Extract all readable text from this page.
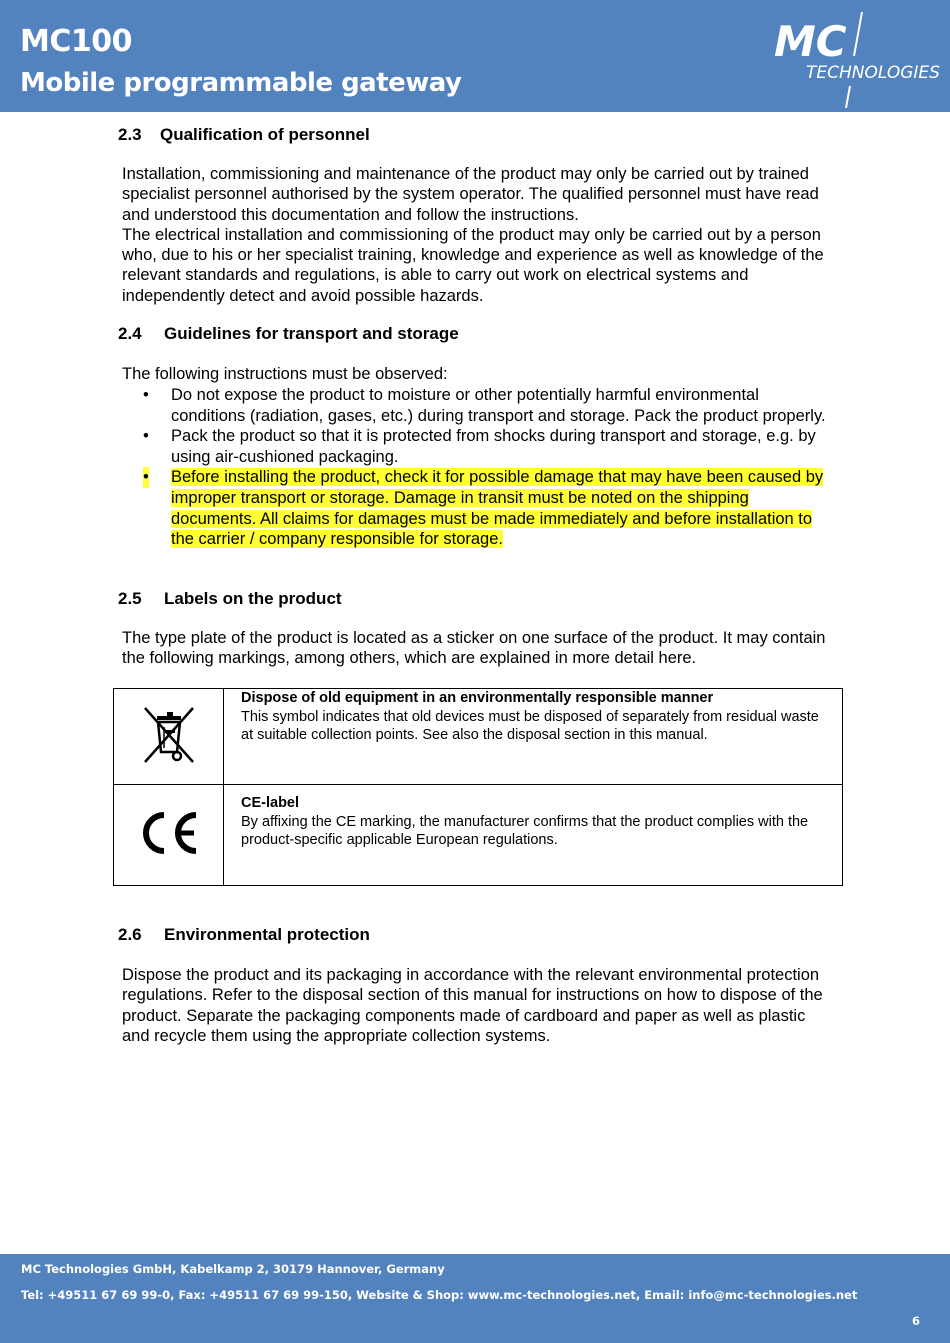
MC100
Mobile programmable gateway
MC
TECHNOLOGIES
2.3 Qualification of personnel
Installation, commissioning and maintenance of the product may only be carried out by trained specialist personnel authorised by the system operator. The qualified personnel must have read and understood this documentation and follow the instructions.
The electrical installation and commissioning of the product may only be carried out by a person who, due to his or her specialist training, knowledge and experience as well as knowledge of the relevant standards and regulations, is able to carry out work on electrical systems and independently detect and avoid possible hazards.
2.4 Guidelines for transport and storage
The following instructions must be observed:
• Do not expose the product to moisture or other potentially harmful environmental conditions (radiation, gases, etc.) during transport and storage. Pack the product properly.
• Pack the product so that it is protected from shocks during transport and storage, e.g. by using air-cushioned packaging.
• Before installing the product, check it for possible damage that may have been caused by improper transport or storage. Damage in transit must be noted on the shipping documents. All claims for damages must be made immediately and before installation to the carrier / company responsible for storage.
2.5 Labels on the product
The type plate of the product is located as a sticker on one surface of the product. It may contain the following markings, among others, which are explained in more detail here.

Dispose of old equipment in an environmentally responsible manner
This symbol indicates that old devices must be disposed of separately from residual waste at suitable collection points. See also the disposal section in this manual.

CE-label
By affixing the CE marking, the manufacturer confirms that the product complies with the product-specific applicable European regulations.
2.6 Environmental protection
Dispose the product and its packaging in accordance with the relevant environmental protection regulations. Refer to the disposal section of this manual for instructions on how to dispose of the product. Separate the packaging components made of cardboard and paper as well as plastic and recycle them using the appropriate collection systems.
MC Technologies GmbH, Kabelkamp 2, 30179 Hannover, Germany
Tel: +49511 67 69 99-0, Fax: +49511 67 69 99-150, Website & Shop: www.mc-technologies.net, Email: info@mc-technologies.net
6
